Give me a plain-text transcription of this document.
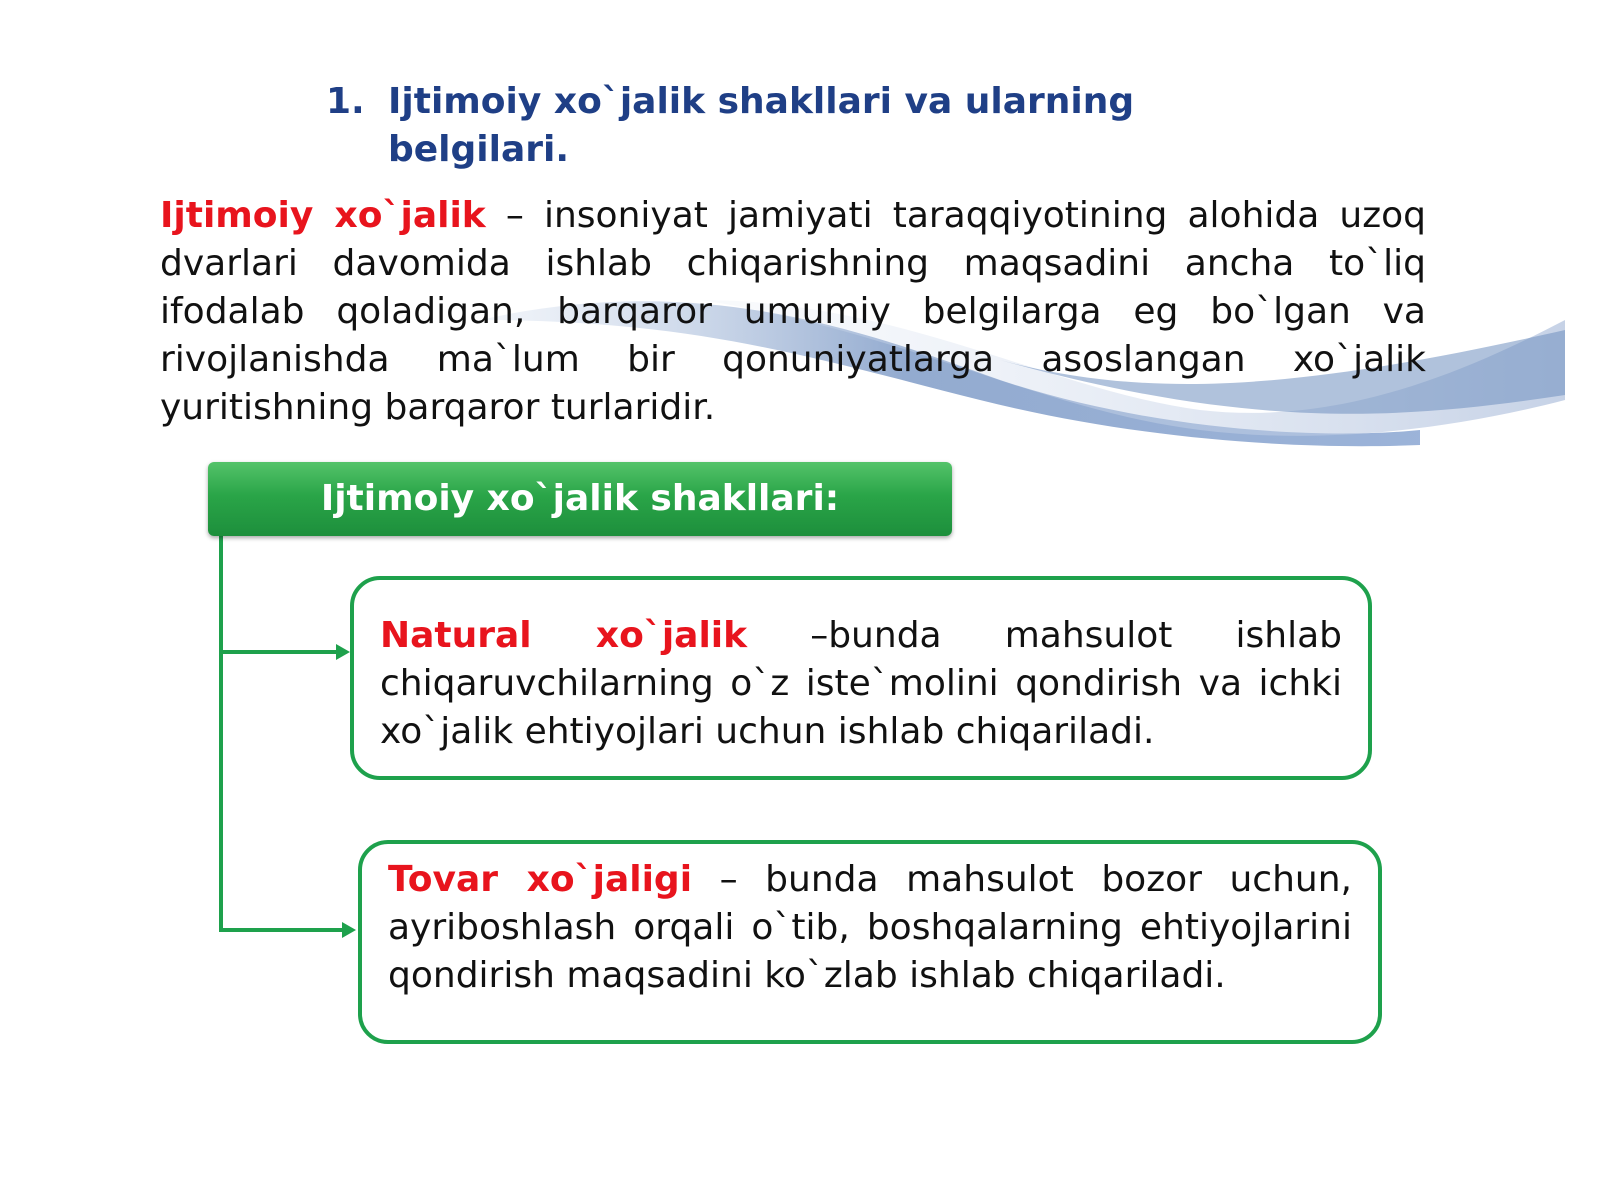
1. Ijtimoiy xo`jalik shakllari va ularning belgilari.
Ijtimoiy xo`jalik – insoniyat jamiyati taraqqiyotining alohida uzoq dvarlari davomida ishlab chiqarishning maqsadini ancha to`liq ifodalab qoladigan, barqaror umumiy belgilarga eg bo`lgan va rivojlanishda ma`lum bir qonuniyatlarga asoslangan xo`jalik yuritishning barqaror turlaridir.
Ijtimoiy xo`jalik shakllari:
Natural xo`jalik –bunda mahsulot ishlab chiqaruvchilarning o`z iste`molini qondirish va ichki xo`jalik ehtiyojlari uchun ishlab chiqariladi.
Tovar xo`jaligi – bunda mahsulot bozor uchun, ayriboshlash orqali o`tib, boshqalarning ehtiyojlarini qondirish maqsadini ko`zlab ishlab chiqariladi.
